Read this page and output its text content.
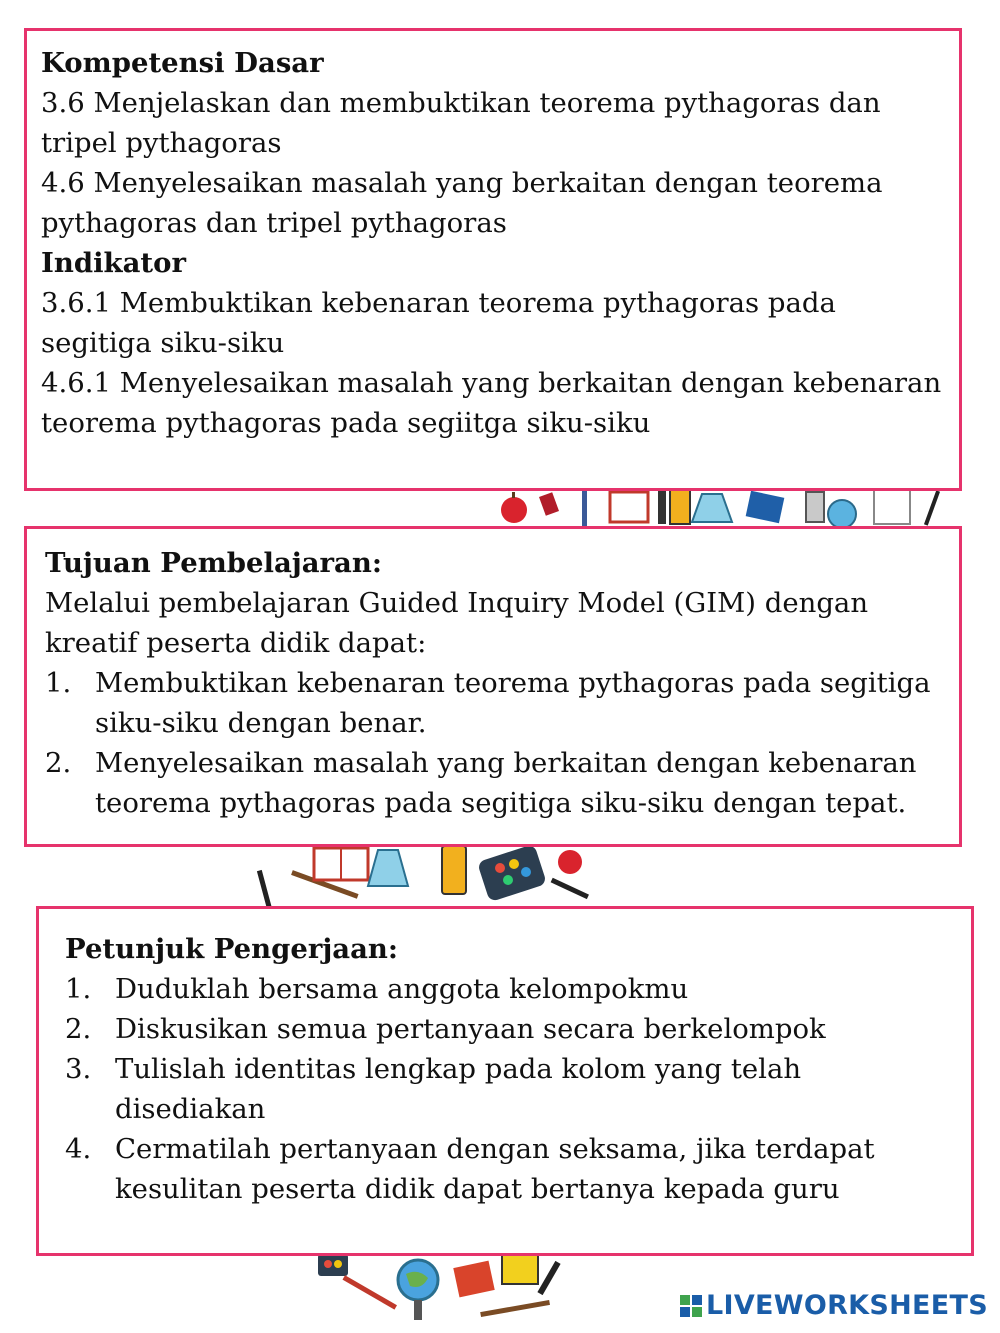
Kompetensi Dasar

3.6 Menjelaskan dan membuktikan teorema pythagoras dan tripel pythagoras

4.6 Menyelesaikan masalah yang berkaitan dengan teorema pythagoras dan tripel pythagoras

Indikator

3.6.1 Membuktikan kebenaran teorema pythagoras pada segitiga siku-siku

4.6.1 Menyelesaikan masalah yang berkaitan dengan kebenaran teorema pythagoras pada segiitga siku-siku

Tujuan Pembelajaran:

Melalui pembelajaran Guided Inquiry Model (GIM) dengan kreatif peserta didik dapat:

1. Membuktikan kebenaran teorema pythagoras pada segitiga siku-siku dengan benar.
2. Menyelesaikan masalah yang berkaitan dengan kebenaran teorema pythagoras pada segitiga siku-siku dengan tepat.

Petunjuk Pengerjaan:

1. Duduklah bersama anggota kelompokmu
2. Diskusikan semua pertanyaan secara berkelompok
3. Tulislah identitas lengkap pada kolom yang telah disediakan
4. Cermatilah pertanyaan dengan seksama, jika terdapat kesulitan peserta didik dapat bertanya kepada guru
LIVEWORKSHEETS
